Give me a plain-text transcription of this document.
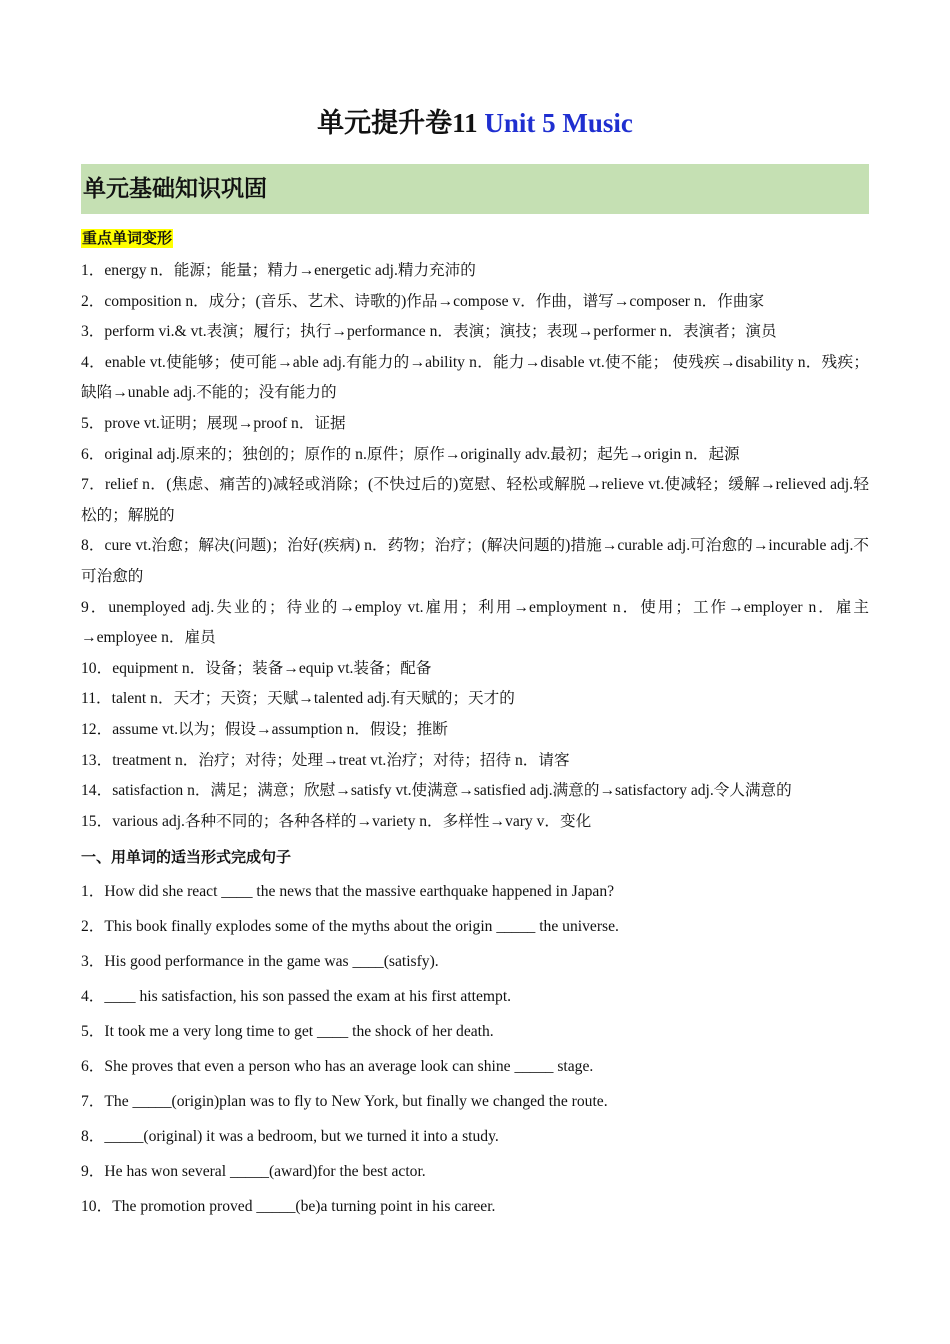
单元提升卷11 Unit 5 Music
单元基础知识巩固
重点单词变形
1．energy n．能源；能量；精力→energetic adj.精力充沛的
2．composition n．成分；(音乐、艺术、诗歌的)作品→compose v．作曲，谱写→composer n．作曲家
3．perform vi.& vt.表演；履行；执行→performance n．表演；演技；表现→performer n．表演者；演员
4．enable vt.使能够；使可能→able adj.有能力的→ability n．能力→disable vt.使不能； 使残疾→disability n．残疾；缺陷→unable adj.不能的；没有能力的
5．prove vt.证明；展现→proof n．证据
6．original adj.原来的；独创的；原作的 n.原件；原作→originally adv.最初；起先→origin n．起源
7．relief n．(焦虑、痛苦的)减轻或消除；(不快过后的)宽慰、轻松或解脱→relieve vt.使减轻；缓解→relieved adj.轻松的；解脱的
8．cure vt.治愈；解决(问题)；治好(疾病) n．药物；治疗；(解决问题的)措施→curable adj.可治愈的→incurable adj.不可治愈的
9．unemployed adj.失业的；待业的→employ vt.雇用；利用→employment n．使用；工作→employer n．雇主→employee n．雇员
10．equipment n．设备；装备→equip vt.装备；配备
11．talent n．天才；天资；天赋→talented adj.有天赋的；天才的
12．assume vt.以为；假设→assumption n．假设；推断
13．treatment n．治疗；对待；处理→treat vt.治疗；对待；招待 n．请客
14．satisfaction n．满足；满意；欣慰→satisfy vt.使满意→satisfied adj.满意的→satisfactory adj.令人满意的
15．various adj.各种不同的；各种各样的→variety n．多样性→vary v．变化
一、用单词的适当形式完成句子
1．How did she react ____ the news that the massive earthquake happened in Japan?
2．This book finally explodes some of the myths about the origin _____ the universe.
3．His good performance in the game was ____(satisfy).
4．____ his satisfaction, his son passed the exam at his first attempt.
5．It took me a very long time to get ____ the shock of her death.
6．She proves that even a person who has an average look can shine _____ stage.
7．The _____(origin)plan was to fly to New York, but finally we changed the route.
8．_____(original) it was a bedroom, but we turned it into a study.
9．He has won several _____(award)for the best actor.
10．The promotion proved _____(be)a turning point in his career.
